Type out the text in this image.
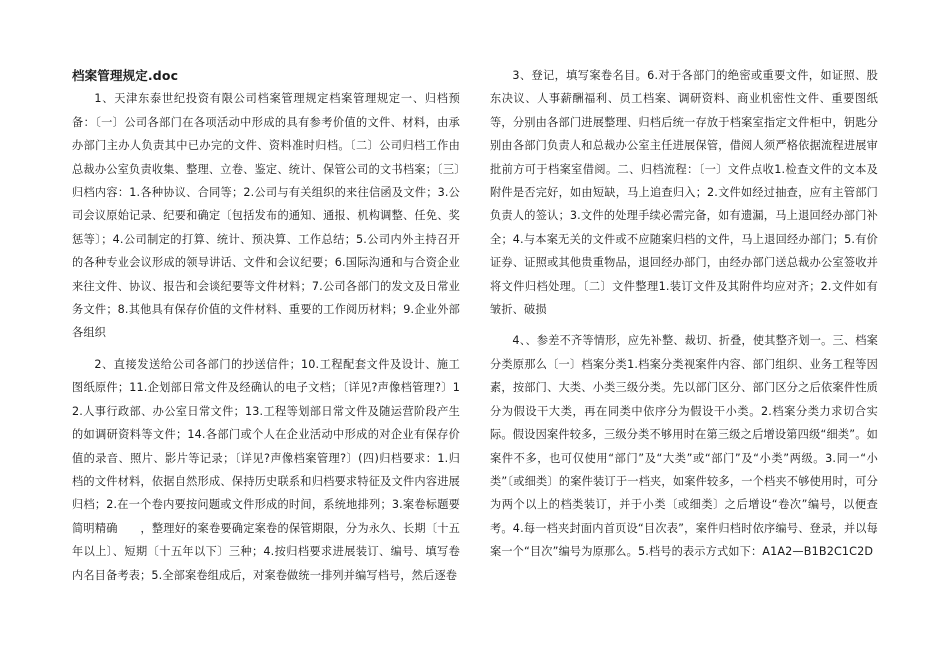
档案管理规定.doc

1、天津东泰世纪投资有限公司档案管理规定档案管理规定一、归档预备：〔一〕公司各部门在各项活动中形成的具有参考价值的文件、材料，由承办部门主办人负责其中已办完的文件、资料准时归档。〔二〕公司归档工作由总裁办公室负责收集、整理、立卷、鉴定、统计、保管公司的文书档案；〔三〕归档内容：1.各种协议、合同等；2.公司与有关组织的来往信函及文件；3.公司会议原始记录、纪要和确定〔包括发布的通知、通报、机构调整、任免、奖惩等〕；4.公司制定的打算、统计、预决算、工作总结；5.公司内外主持召开的各种专业会议形成的领导讲话、文件和会议纪要；6.国际沟通和与合资企业来往文件、协议、报告和会谈纪要等文件材料；7.公司各部门的发文及日常业务文件；8.其他具有保存价值的文件材料、重要的工作阅历材料；9.企业外部各组织

2、直接发送给公司各部门的抄送信件；10.工程配套文件及设计、施工图纸原件；11.企划部日常文件及经确认的电子文档；〔详见?声像档管理?〕12.人事行政部、办公室日常文件；13.工程等划部日常文件及随运营阶段产生的如调研资料等文件；14.各部门或个人在企业活动中形成的对企业有保存价值的录音、照片、影片等记录；〔详见?声像档案管理?〕(四)归档要求：1.归档的文件材料，依据自然形成、保持历史联系和归档要求特征及文件内容进展归档；2.在一个卷内要按问题或文件形成的时间，系统地排列；3.案卷标题要简明精确　　，整理好的案卷要确定案卷的保管期限，分为永久、长期〔十五年以上〕、短期〔十五年以下〕三种；4.按归档要求进展装订、编号、填写卷内名目备考表；5.全部案卷组成后，对案卷做统一排列并编写档号，然后逐卷

3、登记，填写案卷名目。6.对于各部门的绝密或重要文件，如证照、股东决议、人事薪酬福利、员工档案、调研资料、商业机密性文件、重要图纸等，分别由各部门进展整理、归档后统一存放于档案室指定文件柜中，钥匙分别由各部门负责人和总裁办公室主任进展保管，借阅人须严格依据流程进展审批前方可于档案室借阅。二、归档流程：〔一〕文件点收1.检查文件的文本及附件是否完好，如由短缺，马上追查归入；2.文件如经过抽查，应有主管部门负责人的签认；3.文件的处理手续必需完备，如有遗漏，马上退回经办部门补全；4.与本案无关的文件或不应随案归档的文件，马上退回经办部门；5.有价证券、证照或其他贵重物品，退回经办部门，由经办部门送总裁办公室签收并将文件归档处理。〔二〕文件整理1.装订文件及其附件均应对齐；2.文件如有皱折、破损

4、、参差不齐等情形，应先补整、裁切、折叠，使其整齐划一。三、档案分类原那么〔一〕档案分类1.档案分类视案件内容、部门组织、业务工程等因素，按部门、大类、小类三级分类。先以部门区分、部门区分之后依案件性质分为假设干大类，再在同类中依序分为假设干小类。2.档案分类力求切合实际。假设因案件较多，三级分类不够用时在第三级之后增设第四级“细类”。如案件不多，也可仅使用“部门”及“大类”或“部门”及“小类”两级。3.同一“小类”〔或细类〕的案件装订于一档夹，如案件较多，一个档夹不够使用时，可分为两个以上的档类装订，并于小类〔或细类〕之后增设“卷次”编号，以便查考。4.每一档夹封面内首页设“目次表”，案件归档时依序编号、登录，并以每案一个“目次”编号为原那么。5.档号的表示方式如下：A1A2—B1B2C1C2D
